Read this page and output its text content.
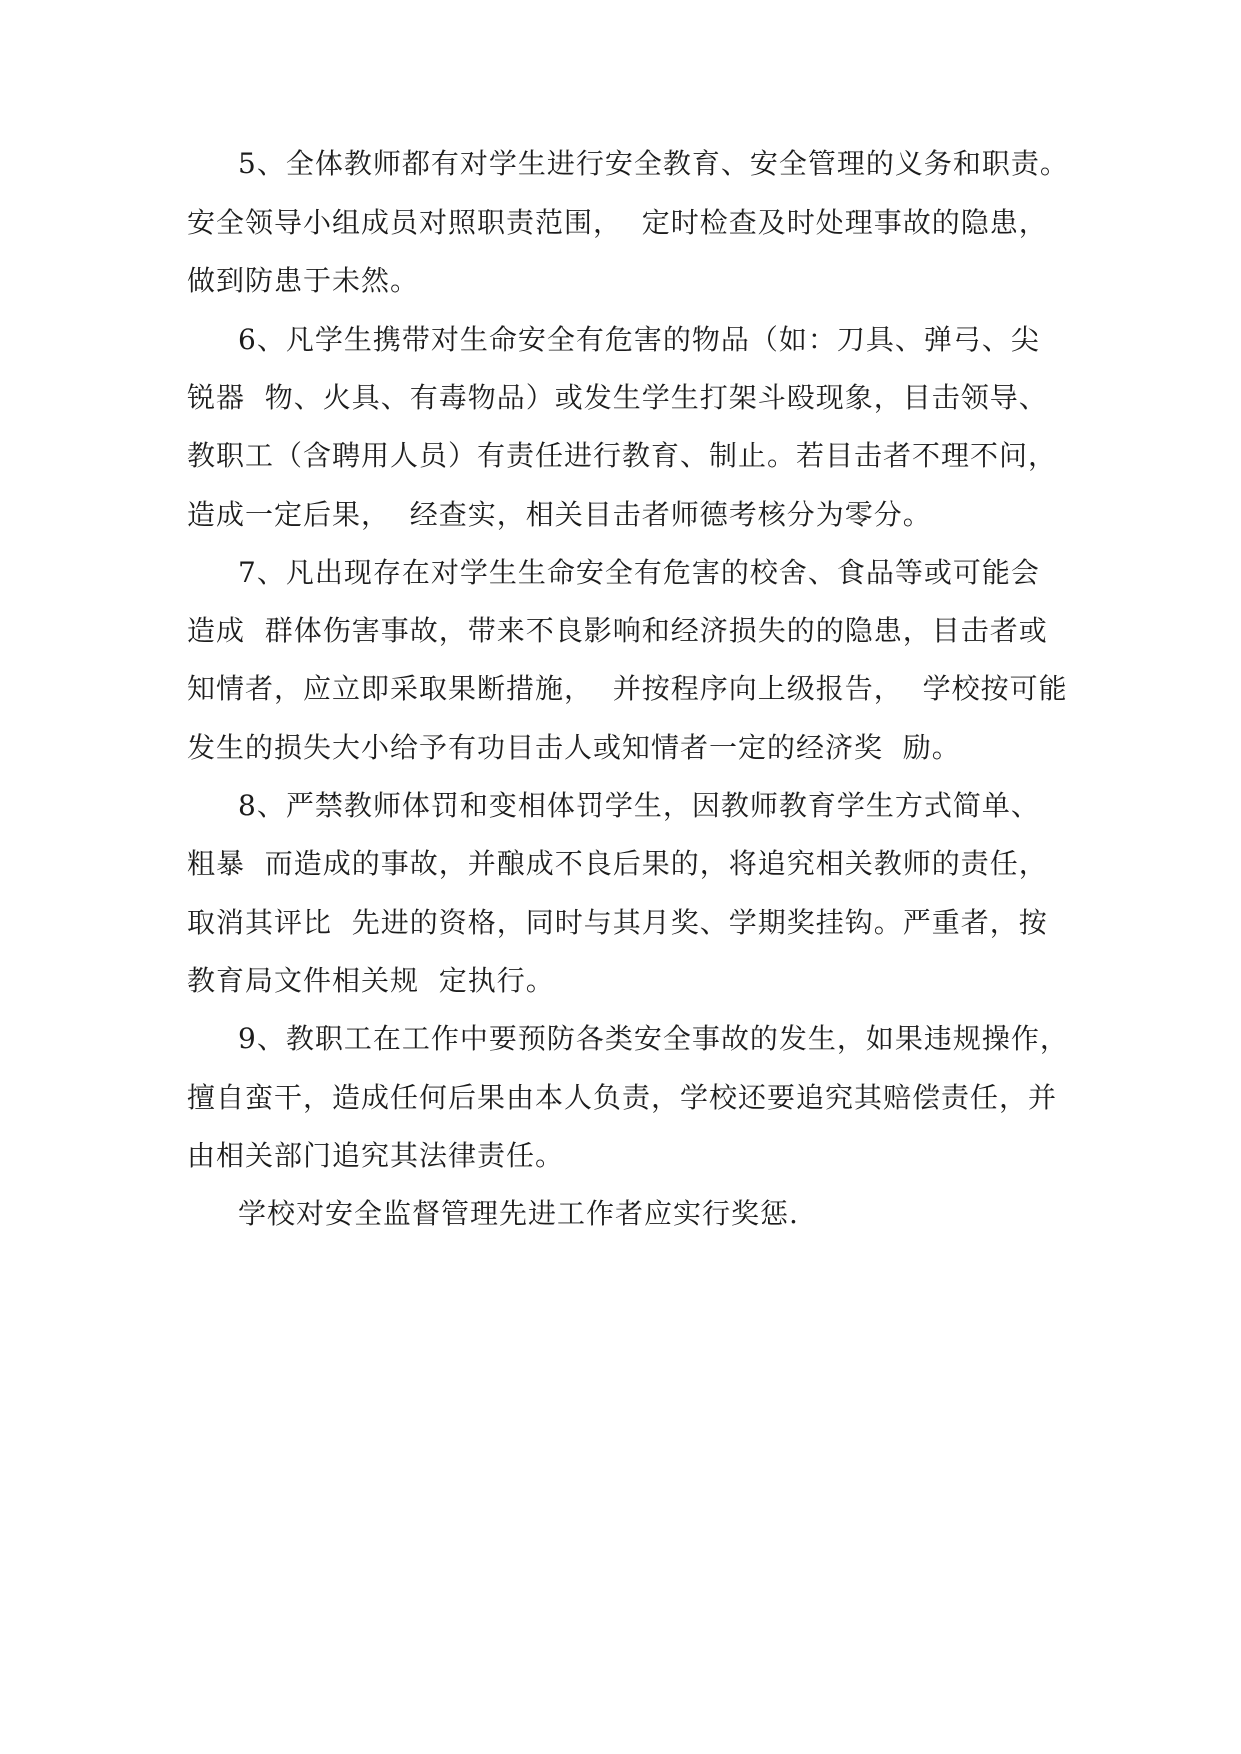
5、全体教师都有对学生进行安全教育、安全管理的义务和职责。

安全领导小组成员对照职责范围，  定时检查及时处理事故的隐患，

做到防患于未然。

6、凡学生携带对生命安全有危害的物品（如：刀具、弹弓、尖

锐器  物、火具、有毒物品）或发生学生打架斗殴现象，目击领导、

教职工（含聘用人员）有责任进行教育、制止。若目击者不理不问，

造成一定后果，  经查实，相关目击者师德考核分为零分。

7、凡出现存在对学生生命安全有危害的校舍、食品等或可能会

造成  群体伤害事故，带来不良影响和经济损失的的隐患，目击者或

知情者，应立即采取果断措施，  并按程序向上级报告，  学校按可能

发生的损失大小给予有功目击人或知情者一定的经济奖  励。

8、严禁教师体罚和变相体罚学生，因教师教育学生方式简单、

粗暴  而造成的事故，并酿成不良后果的，将追究相关教师的责任，

取消其评比  先进的资格，同时与其月奖、学期奖挂钩。严重者，按

教育局文件相关规  定执行。

9、教职工在工作中要预防各类安全事故的发生，如果违规操作，

擅自蛮干，造成任何后果由本人负责，学校还要追究其赔偿责任，并

由相关部门追究其法律责任。

学校对安全监督管理先进工作者应实行奖惩.
